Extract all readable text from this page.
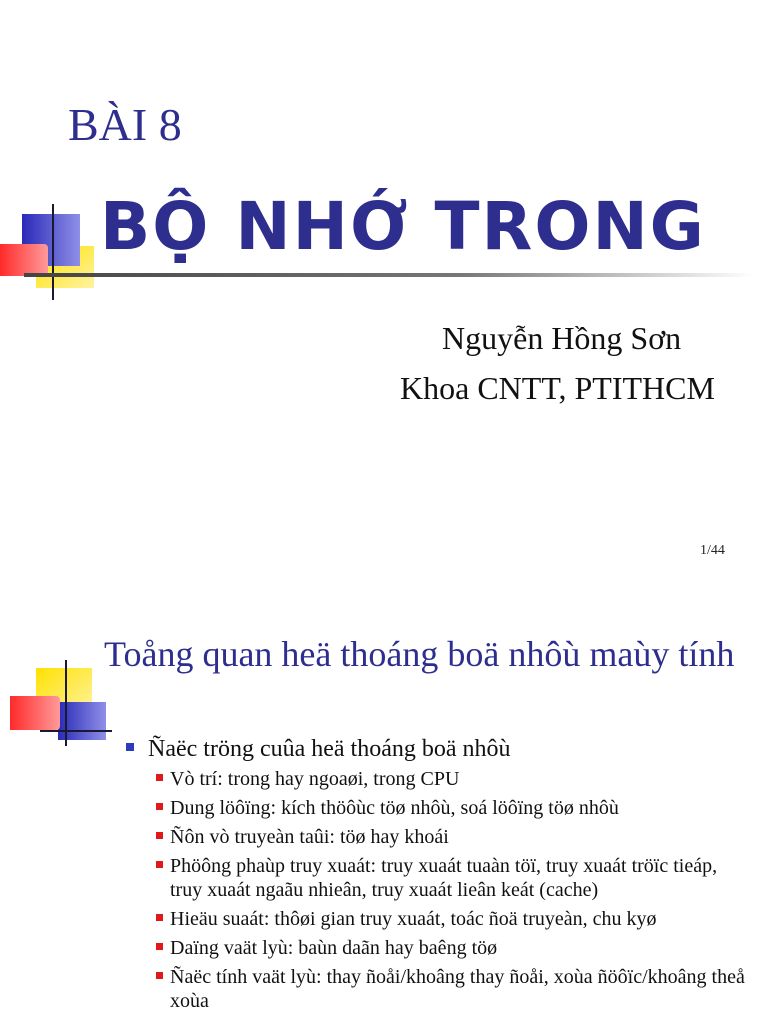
BÀI 8
BỘ NHỚ TRONG
Nguyễn Hồng Sơn
Khoa CNTT, PTITHCM
1/44
Toång quan heä thoáng boä nhôù maùy tính
Ñaëc tröng cuûa heä thoáng boä nhôù
Vò trí: trong hay ngoaøi, trong CPU
Dung löôïng: kích thöôùc töø nhôù, soá löôïng töø nhôù
Ñôn vò truyeàn taûi: töø hay khoái
Phöông phaùp truy xuaát: truy xuaát tuaàn töï, truy xuaát tröïc tieáp, truy xuaát ngaãu nhieân, truy xuaát lieân keát (cache)
Hieäu suaát: thôøi gian truy xuaát, toác ñoä truyeàn, chu kyø
Daïng vaät lyù: baùn daãn hay baêng töø
Ñaëc tính vaät lyù: thay ñoåi/khoâng thay ñoåi, xoùa ñöôïc/khoâng theå xoùa
